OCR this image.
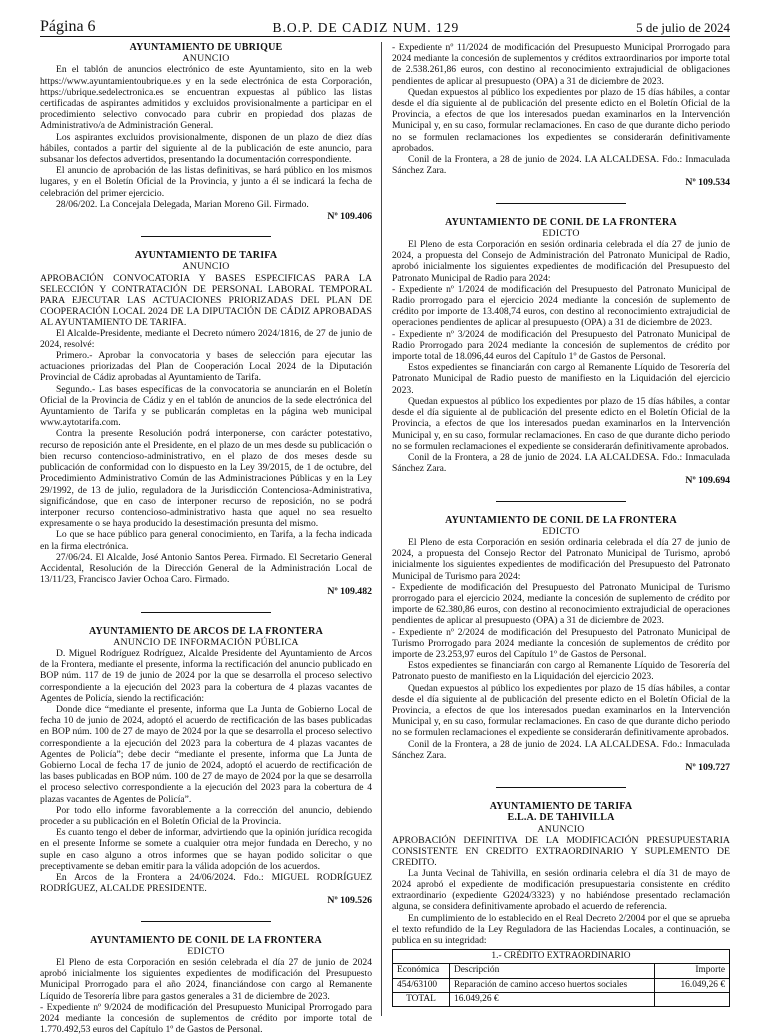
Página 6	B.O.P. DE CADIZ NUM. 129	5 de julio de 2024
AYUNTAMIENTO DE UBRIQUE
ANUNCIO

En el tablón de anuncios electrónico de este Ayuntamiento, sito en la web https://www.ayuntamientoubrique.es y en la sede electrónica de esta Corporación, https://ubrique.sedelectronica.es se encuentran expuestas al público las listas certificadas de aspirantes admitidos y excluidos provisionalmente a participar en el procedimiento selectivo convocado para cubrir en propiedad dos plazas de Administrativo/a de Administración General.

Los aspirantes excluidos provisionalmente, disponen de un plazo de diez días hábiles, contados a partir del siguiente al de la publicación de este anuncio, para subsanar los defectos advertidos, presentando la documentación correspondiente.

El anuncio de aprobación de las listas definitivas, se hará público en los mismos lugares, y en el Boletín Oficial de la Provincia, y junto a él se indicará la fecha de celebración del primer ejercicio.

28/06/202. La Concejala Delegada, Marian Moreno Gil. Firmado.

Nº 109.406
AYUNTAMIENTO DE TARIFA
ANUNCIO

APROBACIÓN CONVOCATORIA Y BASES ESPECIFICAS PARA LA SELECCIÓN Y CONTRATACIÓN DE PERSONAL LABORAL TEMPORAL PARA EJECUTAR LAS ACTUACIONES PRIORIZADAS DEL PLAN DE COOPERACIÓN LOCAL 2024 DE LA DIPUTACIÓN DE CÁDIZ APROBADAS AL AYUNTAMIENTO DE TARIFA.

El Alcalde-Presidente, mediante el Decreto número 2024/1816, de 27 de junio de 2024, resolvé:

Primero.- Aprobar la convocatoria y bases de selección para ejecutar las actuaciones priorizadas del Plan de Cooperación Local 2024 de la Diputación Provincial de Cádiz aprobadas al Ayuntamiento de Tarifa.

Segundo.- Las bases específicas de la convocatoria se anunciarán en el Boletín Oficial de la Provincia de Cádiz y en el tablón de anuncios de la sede electrónica del Ayuntamiento de Tarifa y se publicarán completas en la página web municipal www.aytotarifa.com.

Contra la presente Resolución podrá interponerse, con carácter potestativo, recurso de reposición ante el Presidente, en el plazo de un mes desde su publicación o bien recurso contencioso-administrativo, en el plazo de dos meses desde su publicación de conformidad con lo dispuesto en la Ley 39/2015, de 1 de octubre, del Procedimiento Administrativo Común de las Administraciones Públicas y en la Ley 29/1992, de 13 de julio, reguladora de la Jurisdicción Contenciosa-Administrativa, significándose, que en caso de interponer recurso de reposición, no se podrá interponer recurso contencioso-administrativo hasta que aquel no sea resuelto expresamente o se haya producido la desestimación presunta del mismo.

Lo que se hace público para general conocimiento, en Tarifa, a la fecha indicada en la firma electrónica.

27/06/24. El Alcalde, José Antonio Santos Perea. Firmado. El Secretario General Accidental, Resolución de la Dirección General de la Administración Local de 13/11/23, Francisco Javier Ochoa Caro. Firmado.

Nº 109.482
AYUNTAMIENTO DE ARCOS DE LA FRONTERA
ANUNCIO DE INFORMACIÓN PÚBLICA

D. Miguel Rodríguez Rodríguez, Alcalde Presidente del Ayuntamiento de Arcos de la Frontera, mediante el presente, informa la rectificación del anuncio publicado en BOP núm. 117 de 19 de junio de 2024 por la que se desarrolla el proceso selectivo correspondiente a la ejecución del 2023 para la cobertura de 4 plazas vacantes de Agentes de Policía, siendo la rectificación:

Donde dice “mediante el presente, informa que La Junta de Gobierno Local de fecha 10 de junio de 2024, adoptó el acuerdo de rectificación de las bases publicadas en BOP núm. 100 de 27 de mayo de 2024 por la que se desarrolla el proceso selectivo correspondiente a la ejecución del 2023 para la cobertura de 4 plazas vacantes de Agentes de Policía”; debe decir “mediante el presente, informa que La Junta de Gobierno Local de fecha 17 de junio de 2024, adoptó el acuerdo de rectificación de las bases publicadas en BOP núm. 100 de 27 de mayo de 2024 por la que se desarrolla el proceso selectivo correspondiente a la ejecución del 2023 para la cobertura de 4 plazas vacantes de Agentes de Policía”.

Por todo ello informe favorablemente a la corrección del anuncio, debiendo proceder a su publicación en el Boletín Oficial de la Provincia.

Es cuanto tengo el deber de informar, advirtiendo que la opinión jurídica recogida en el presente Informe se somete a cualquier otra mejor fundada en Derecho, y no suple en caso alguno a otros informes que se hayan podido solicitar o que preceptivamente se deban emitir para la válida adopción de los acuerdos.

En Arcos de la Frontera a 24/06/2024. Fdo.: MIGUEL RODRÍGUEZ RODRÍGUEZ, ALCALDE PRESIDENTE.

Nº 109.526
AYUNTAMIENTO DE CONIL DE LA FRONTERA
EDICTO

El Pleno de esta Corporación en sesión celebrada el día 27 de junio de 2024 aprobó inicialmente los siguientes expedientes de modificación del Presupuesto Municipal Prorrogado para el año 2024, financiándose con cargo al Remanente Líquido de Tesorería libre para gastos generales a 31 de diciembre de 2023.

- Expediente nº 9/2024 de modificación del Presupuesto Municipal Prorrogado para 2024 mediante la concesión de suplementos de crédito por importe total de 1.770.492,53 euros del Capítulo 1º de Gastos de Personal.

- Expediente nº 11/2024 de modificación del Presupuesto Municipal Prorrogado para 2024 mediante la concesión de suplementos y créditos extraordinarios por importe total de 2.538.261,86 euros, con destino al reconocimiento extrajudicial de obligaciones pendientes de aplicar al presupuesto (OPA) a 31 de diciembre de 2023.

Quedan expuestos al público los expedientes por plazo de 15 días hábiles, a contar desde el día siguiente al de publicación del presente edicto en el Boletín Oficial de la Provincia, a efectos de que los interesados puedan examinarlos en la Intervención Municipal y, en su caso, formular reclamaciones. En caso de que durante dicho periodo no se formulen reclamaciones los expedientes se considerarán definitivamente aprobados.

Conil de la Frontera, a 28 de junio de 2024. LA ALCALDESA. Fdo.: Inmaculada Sánchez Zara.

Nº 109.534
AYUNTAMIENTO DE CONIL DE LA FRONTERA
EDICTO

El Pleno de esta Corporación en sesión ordinaria celebrada el día 27 de junio de 2024, a propuesta del Consejo de Administración del Patronato Municipal de Radio, aprobó inicialmente los siguientes expedientes de modificación del Presupuesto del Patronato Municipal de Radio para 2024:

- Expediente nº 1/2024 de modificación del Presupuesto del Patronato Municipal de Radio prorrogado para el ejercicio 2024 mediante la concesión de suplemento de crédito por importe de 13.408,74 euros, con destino al reconocimiento extrajudicial de operaciones pendientes de aplicar al presupuesto (OPA) a 31 de diciembre de 2023.

- Expediente nº 3/2024 de modificación del Presupuesto del Patronato Municipal de Radio Prorrogado para 2024 mediante la concesión de suplementos de crédito por importe total de 18.096,44 euros del Capítulo 1º de Gastos de Personal.

Estos expedientes se financiarán con cargo al Remanente Líquido de Tesorería del Patronato Municipal de Radio puesto de manifiesto en la Liquidación del ejercicio 2023.

Quedan expuestos al público los expedientes por plazo de 15 días hábiles, a contar desde el día siguiente al de publicación del presente edicto en el Boletín Oficial de la Provincia, a efectos de que los interesados puedan examinarlos en la Intervención Municipal y, en su caso, formular reclamaciones. En caso de que durante dicho periodo no se formulen reclamaciones el expediente se considerarán definitivamente aprobados.

Conil de la Frontera, a 28 de junio de 2024. LA ALCALDESA. Fdo.: Inmaculada Sánchez Zara.

Nº 109.694
AYUNTAMIENTO DE CONIL DE LA FRONTERA
EDICTO

El Pleno de esta Corporación en sesión ordinaria celebrada el día 27 de junio de 2024, a propuesta del Consejo Rector del Patronato Municipal de Turismo, aprobó inicialmente los siguientes expedientes de modificación del Presupuesto del Patronato Municipal de Turismo para 2024:

- Expediente de modificación del Presupuesto del Patronato Municipal de Turismo prorrogado para el ejercicio 2024, mediante la concesión de suplemento de crédito por importe de 62.380,86 euros, con destino al reconocimiento extrajudicial de operaciones pendientes de aplicar al presupuesto (OPA) a 31 de diciembre de 2023.

- Expediente nº 2/2024 de modificación del Presupuesto del Patronato Municipal de Turismo Prorrogado para 2024 mediante la concesión de suplementos de crédito por importe de 23.253,97 euros del Capítulo 1º de Gastos de Personal.

Estos expedientes se financiarán con cargo al Remanente Líquido de Tesorería del Patronato puesto de manifiesto en la Liquidación del ejercicio 2023.

Quedan expuestos al público los expedientes por plazo de 15 días hábiles, a contar desde el día siguiente al de publicación del presente edicto en el Boletín Oficial de la Provincia, a efectos de que los interesados puedan examinarlos en la Intervención Municipal y, en su caso, formular reclamaciones. En caso de que durante dicho periodo no se formulen reclamaciones el expediente se considerarán definitivamente aprobados.

Conil de la Frontera, a 28 de junio de 2024. LA ALCALDESA. Fdo.: Inmaculada Sánchez Zara.

Nº 109.727
AYUNTAMIENTO DE TARIFA
E.L.A. DE TAHIVILLA
ANUNCIO

APROBACIÓN DEFINITIVA DE LA MODIFICACIÓN PRESUPUESTARIA CONSISTENTE EN CREDITO EXTRAORDINARIO Y SUPLEMENTO DE CREDITO.

La Junta Vecinal de Tahivilla, en sesión ordinaria celebra el día 31 de mayo de 2024 aprobó el expediente de modificación presupuestaria consistente en crédito extraordinario (expediente G2024/3323) y no habiéndose presentado reclamación alguna, se considera definitivamente aprobado el acuerdo de referencia.

En cumplimiento de lo establecido en el Real Decreto 2/2004 por el que se aprueba el texto refundido de la Ley Reguladora de las Haciendas Locales, a continuación, se publica en su integridad:

1.- CRÉDITO EXTRAORDINARIO		
Económica	Descripción	Importe
454/63100	Reparación de camino acceso huertos sociales	16.049,26 €
TOTAL	16.049,26 €	
